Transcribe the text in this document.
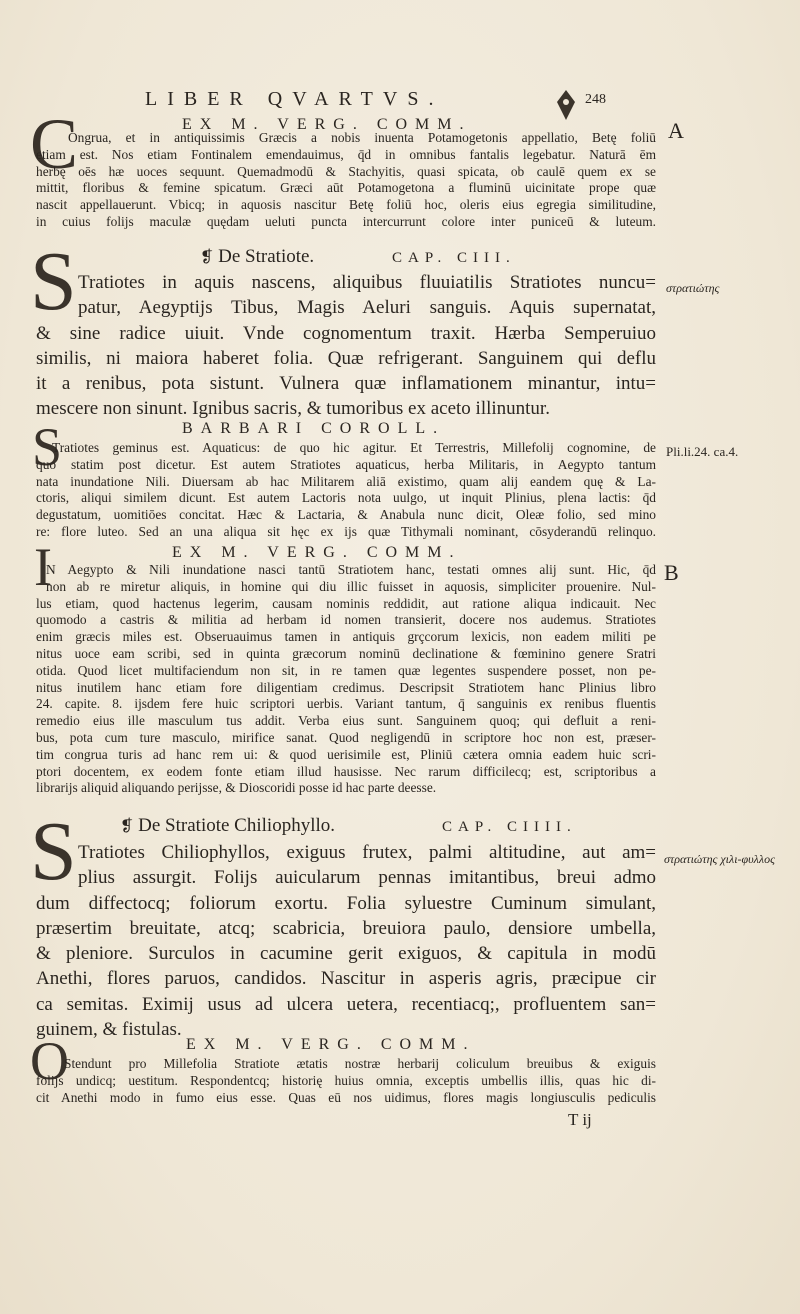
LIBER QVARTVS.	248
A
B
EX M. VERG. COMM.
C

Ongrua, et in antiquissimis Græcis a nobis inuenta Potamogetonis appellatio, Betę foliū

etiam est. Nos etiam Fontinalem emendauimus, q̄d in omnibus fantalis legebatur. Naturā ēm

herbę oēs hæ uoces sequunt. Quemadmodū & Stachyitis, quasi spicata, ob caulē quem ex se

mittit, floribus & femine spicatum. Græci aūt Potamogetona a fluminū uicinitate prope quæ

nascit appellauerunt. Vbicq; in aquosis nascitur Betę foliū hoc, oleris eius egregia similitudine,

in cuius folijs maculæ quędam ueluti puncta intercurrunt colore inter puniceū & luteum.

❡ De Stratiote.	CAP. CIII.
S Tratiotes in aquis nascens, aliquibus fluuiatilis Stratiotes nuncu=

patur, Aegyptijs Tibus, Magis Aeluri sanguis. Aquis supernatat,

& sine radice uiuit. Vnde cognomentum traxit. Hærba Semperuiuo

similis, ni maiora haberet folia. Quæ refrigerant. Sanguinem qui deflu

it a renibus, pota sistunt. Vulnera quæ inflamationem minantur, intu=

mescere non sinunt. Ignibus sacris, & tumoribus ex aceto illinuntur.

στρατιώτης
BARBARI COROLL.
S

Tratiotes geminus est. Aquaticus: de quo hic agitur. Et Terrestris, Millefolij cognomine, de

quo statim post dicetur. Est autem Stratiotes aquaticus, herba Militaris, in Aegypto tantum

nata inundatione Nili. Diuersam ab hac Militarem aliā existimo, quam alij eandem quę & La-

ctoris, aliqui similem dicunt. Est autem Lactoris nota uulgo, ut inquit Plinius, plena lactis: q̄d

degustatum, uomitiōes concitat. Hæc & Lactaria, & Anabula nunc dicit, Oleæ folio, sed mino

re: flore luteo. Sed an una aliqua sit hęc ex ijs quæ Tithymali nominant, cōsyderandū relinquo.

Pli.li.24. ca.4.
EX M. VERG. COMM.
I

N Aegypto & Nili inundatione nasci tantū Stratiotem hanc, testati omnes alij sunt. Hic, q̄d

non ab re miretur aliquis, in homine qui diu illic fuisset in aquosis, simpliciter prouenire. Nul-

lus etiam, quod hactenus legerim, causam nominis reddidit, aut ratione aliqua indicauit. Nec

quomodo a castris & militia ad herbam id nomen transierit, docere nos audemus. Stratiotes

enim græcis miles est. Obseruauimus tamen in antiquis grçcorum lexicis, non eadem militi pe

nitus uoce eam scribi, sed in quinta græcorum nominū declinatione & fœminino genere Sratri

otida. Quod licet multifaciendum non sit, in re tamen quæ legentes suspendere posset, non pe-

nitus inutilem hanc etiam fore diligentiam credimus. Descripsit Stratiotem hanc Plinius libro

24. capite. 8. ijsdem fere huic scriptori uerbis. Variant tantum, q̄ sanguinis ex renibus fluentis

remedio eius ille masculum tus addit. Verba eius sunt. Sanguinem quoq; qui defluit a reni-

bus, pota cum ture masculo, mirifice sanat. Quod negligendū in scriptore hoc non est, præser-

tim congrua turis ad hanc rem ui: & quod uerisimile est, Pliniū cætera omnia eadem huic scri-

ptori docentem, ex eodem fonte etiam illud hausisse. Nec rarum difficilecq; est, scriptoribus a

librarijs aliquid aliquando perijsse, & Dioscoridi posse id hac parte deesse.

❡ De Stratiote Chiliophyllo.	CAP. CIIII.
S Tratiotes Chiliophyllos, exiguus frutex, palmi altitudine, aut am=

plius assurgit. Folijs auicularum pennas imitantibus, breui admo

dum diffectocq; foliorum exortu. Folia syluestre Cuminum simulant,

præsertim breuitate, atcq; scabricia, breuiora paulo, densiore umbella,

& pleniore. Surculos in cacumine gerit exiguos, & capitula in modū

Anethi, flores paruos, candidos. Nascitur in asperis agris, præcipue cir

ca semitas. Eximij usus ad ulcera uetera, recentiacq;, profluentem san=

guinem, & fistulas.

στρατιώτης χιλι-φυλλος
EX M. VERG. COMM.
O

Stendunt pro Millefolia Stratiote ætatis nostræ herbarij coliculum breuibus & exiguis

folijs undicq; uestitum. Respondentcq; historię huius omnia, exceptis umbellis illis, quas hic di-

cit Anethi modo in fumo eius esse. Quas eū nos uidimus, flores magis longiusculis pediculis

T ij
